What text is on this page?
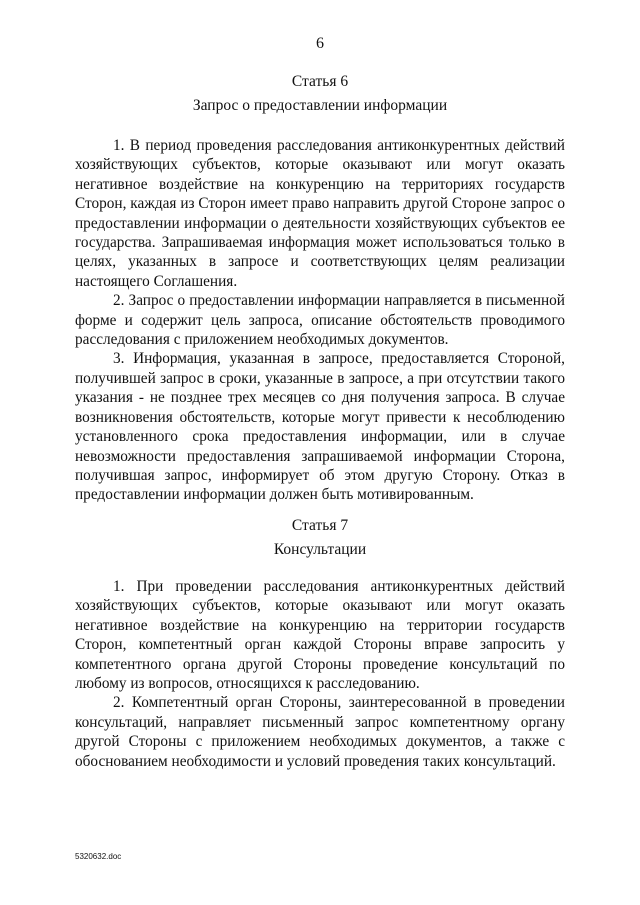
6
Статья 6
Запрос о предоставлении информации

1. В период проведения расследования антиконкурентных действий хозяйствующих субъектов, которые оказывают или могут оказать негативное воздействие на конкуренцию на территориях государств Сторон, каждая из Сторон имеет право направить другой Стороне запрос о предоставлении информации о деятельности хозяйствующих субъектов ее государства. Запрашиваемая информация может использоваться только в целях, указанных в запросе и соответствующих целям реализации настоящего Соглашения.

2. Запрос о предоставлении информации направляется в письменной форме и содержит цель запроса, описание обстоятельств проводимого расследования с приложением необходимых документов.

3. Информация, указанная в запросе, предоставляется Стороной, получившей запрос в сроки, указанные в запросе, а при отсутствии такого указания - не позднее трех месяцев со дня получения запроса. В случае возникновения обстоятельств, которые могут привести к несоблюдению установленного срока предоставления информации, или в случае невозможности предоставления запрашиваемой информации Сторона, получившая запрос, информирует об этом другую Сторону. Отказ в предоставлении информации должен быть мотивированным.

Статья 7
Консультации

1. При проведении расследования антиконкурентных действий хозяйствующих субъектов, которые оказывают или могут оказать негативное воздействие на конкуренцию на территории государств Сторон, компетентный орган каждой Стороны вправе запросить у компетентного органа другой Стороны проведение консультаций по любому из вопросов, относящихся к расследованию.

2. Компетентный орган Стороны, заинтересованной в проведении консультаций, направляет письменный запрос компетентному органу другой Стороны с приложением необходимых документов, а также с обоснованием необходимости и условий проведения таких консультаций.

5320632.doc
